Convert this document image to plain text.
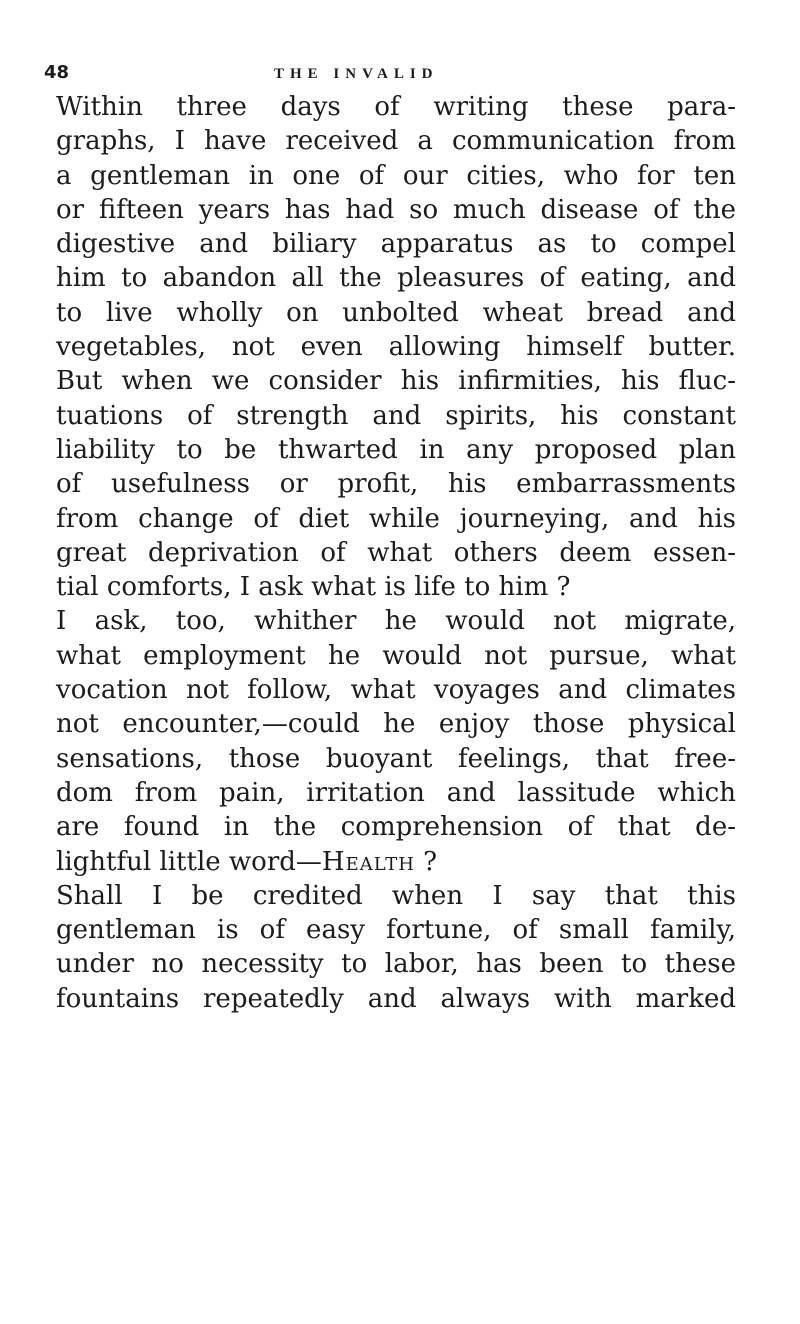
48	THE INVALID
Within three days of writing these para-
graphs, I have received a communication from
a gentleman in one of our cities, who for ten
or fifteen years has had so much disease of the
digestive and biliary apparatus as to compel
him to abandon all the pleasures of eating, and
to live wholly on unbolted wheat bread and
vegetables, not even allowing himself butter.
But when we consider his infirmities, his fluc-
tuations of strength and spirits, his constant
liability to be thwarted in any proposed plan
of usefulness or profit, his embarrassments
from change of diet while journeying, and his
great deprivation of what others deem essen-
tial comforts, I ask what is life to him ?
I ask, too, whither he would not migrate,
what employment he would not pursue, what
vocation not follow, what voyages and climates
not encounter,—could he enjoy those physical
sensations, those buoyant feelings, that free-
dom from pain, irritation and lassitude which
are found in the comprehension of that de-
lightful little word—Health ?
Shall I be credited when I say that this
gentleman is of easy fortune, of small family,
under no necessity to labor, has been to these
fountains repeatedly and always with marked
